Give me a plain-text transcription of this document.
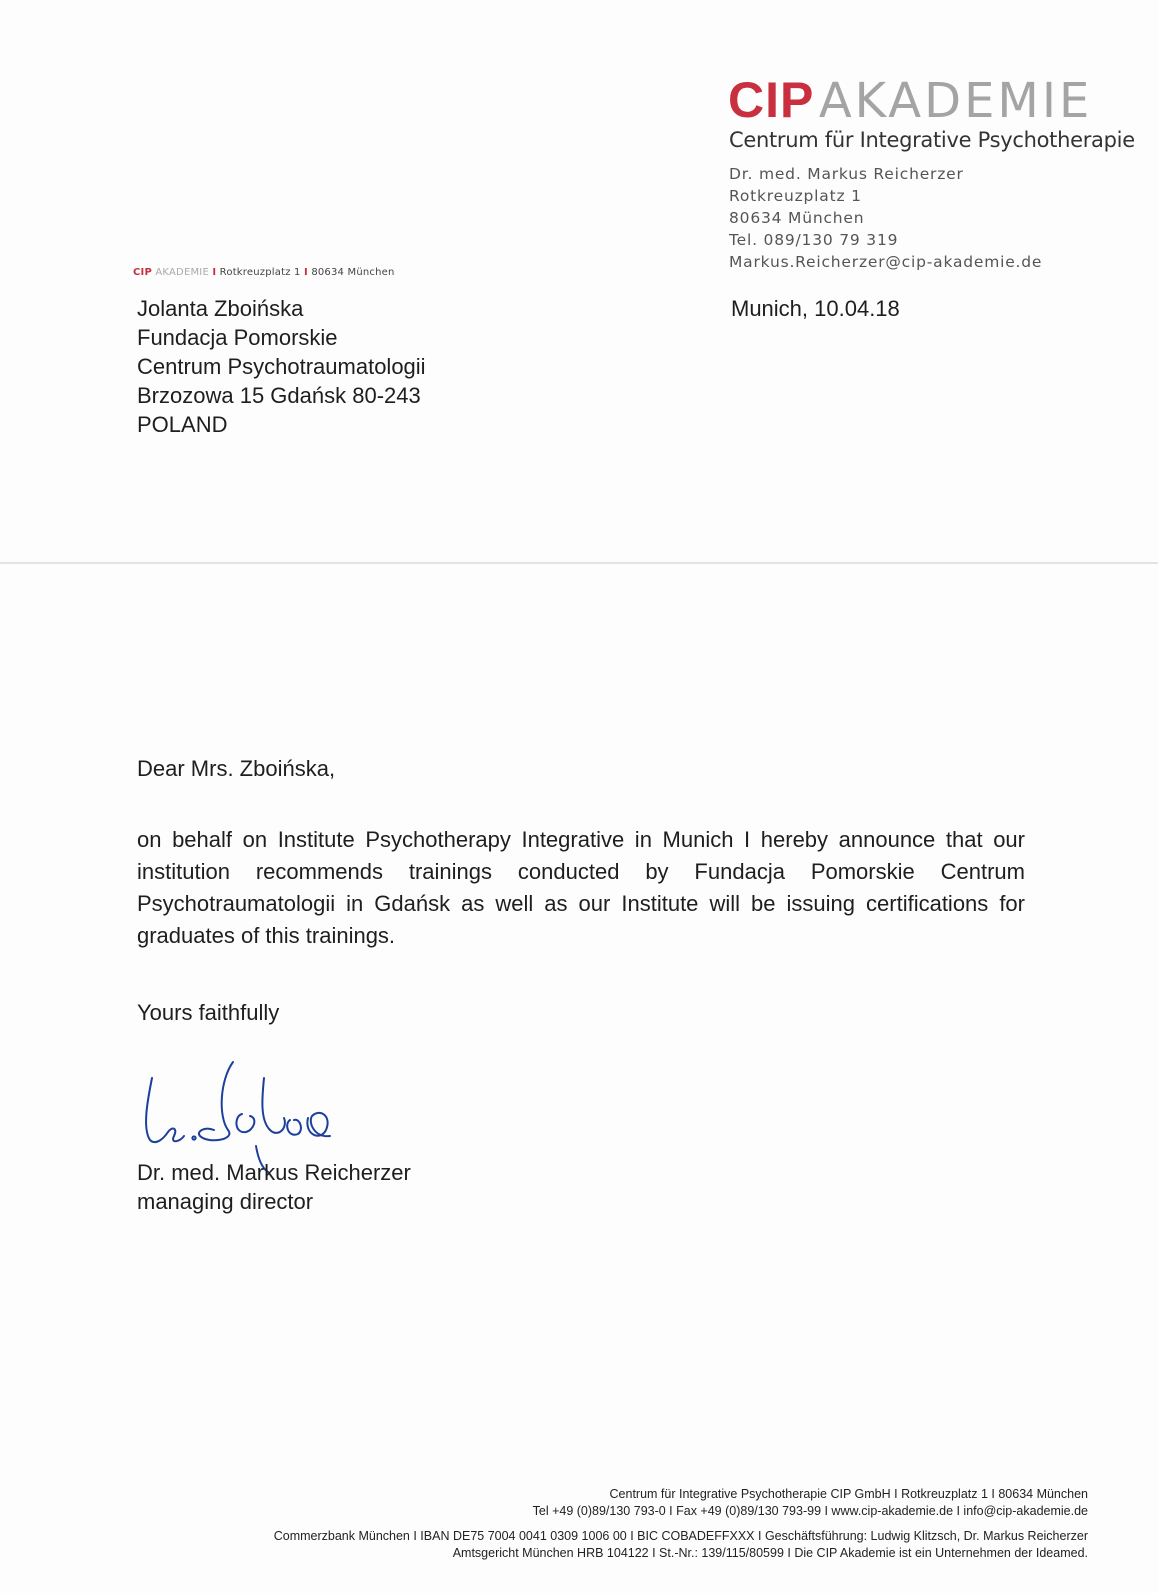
CIP AKADEMIE
Centrum für Integrative Psychotherapie
Dr. med. Markus Reicherzer
Rotkreuzplatz 1
80634 München
Tel. 089/130 79 319
Markus.Reicherzer@cip-akademie.de
CIP AKADEMIE I Rotkreuzplatz 1 I 80634 München
Jolanta Zboińska
Fundacja Pomorskie
Centrum Psychotraumatologii
Brzozowa 15 Gdańsk 80-243
POLAND
Munich, 10.04.18
Dear Mrs. Zboińska,
on behalf on Institute Psychotherapy Integrative in Munich I hereby announce that our institution recommends trainings conducted by Fundacja Pomorskie Centrum Psychotraumatologii in Gdańsk as well as our Institute will be issuing certifications for graduates of this trainings.
Yours faithfully
Dr. med. Markus Reicherzer
managing director
Centrum für Integrative Psychotherapie CIP GmbH I Rotkreuzplatz 1 I 80634 München
Tel +49 (0)89/130 793-0 I Fax +49 (0)89/130 793-99 I www.cip-akademie.de I info@cip-akademie.de
Commerzbank München I IBAN DE75 7004 0041 0309 1006 00 I BIC COBADEFFXXX I Geschäftsführung: Ludwig Klitzsch, Dr. Markus Reicherzer
Amtsgericht München HRB 104122 I St.-Nr.: 139/115/80599 I Die CIP Akademie ist ein Unternehmen der Ideamed.
